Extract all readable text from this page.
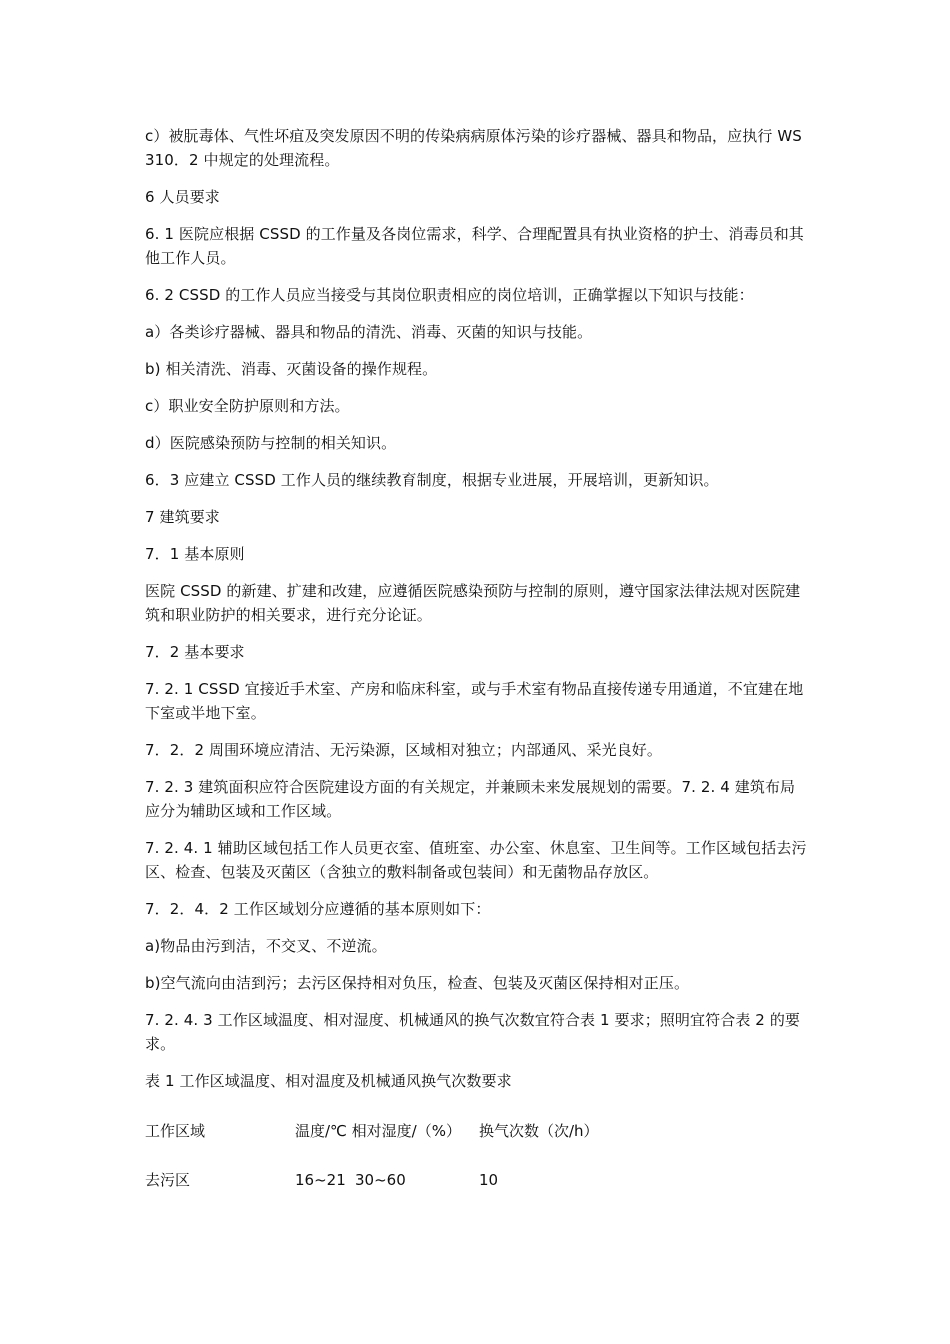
c）被朊毒体、气性坏疽及突发原因不明的传染病病原体污染的诊疗器械、器具和物品，应执行 WS310．2 中规定的处理流程。

6 人员要求

6. 1 医院应根据 CSSD 的工作量及各岗位需求，科学、合理配置具有执业资格的护士、消毒员和其他工作人员。

6. 2 CSSD 的工作人员应当接受与其岗位职责相应的岗位培训，正确掌握以下知识与技能：

a）各类诊疗器械、器具和物品的清洗、消毒、灭菌的知识与技能。

b) 相关清洗、消毒、灭菌设备的操作规程。

c）职业安全防护原则和方法。

d）医院感染预防与控制的相关知识。

6．3 应建立 CSSD 工作人员的继续教育制度，根据专业进展，开展培训，更新知识。

7 建筑要求

7．1 基本原则

医院 CSSD 的新建、扩建和改建，应遵循医院感染预防与控制的原则，遵守国家法律法规对医院建筑和职业防护的相关要求，进行充分论证。

7．2 基本要求

7. 2. 1 CSSD 宜接近手术室、产房和临床科室，或与手术室有物品直接传递专用通道，不宜建在地下室或半地下室。

7．2．2 周围环境应清洁、无污染源，区域相对独立；内部通风、采光良好。

7. 2. 3 建筑面积应符合医院建设方面的有关规定，并兼顾未来发展规划的需要。7. 2. 4 建筑布局应分为辅助区域和工作区域。

7. 2. 4. 1 辅助区域包括工作人员更衣室、值班室、办公室、休息室、卫生间等。工作区域包括去污区、检查、包装及灭菌区（含独立的敷料制备或包装间）和无菌物品存放区。

7．2．4．2 工作区域划分应遵循的基本原则如下：

a)物品由污到洁，不交叉、不逆流。

b)空气流向由洁到污；去污区保持相对负压，检查、包装及灭菌区保持相对正压。

7. 2. 4. 3 工作区域温度、相对湿度、机械通风的换气次数宜符合表 1 要求；照明宜符合表 2 的要求。

表 1 工作区域温度、相对温度及机械通风换气次数要求

工作区域	温度/℃ 相对湿度/（%）	换气次数（次/h）
去污区	16~21 30~60	10
